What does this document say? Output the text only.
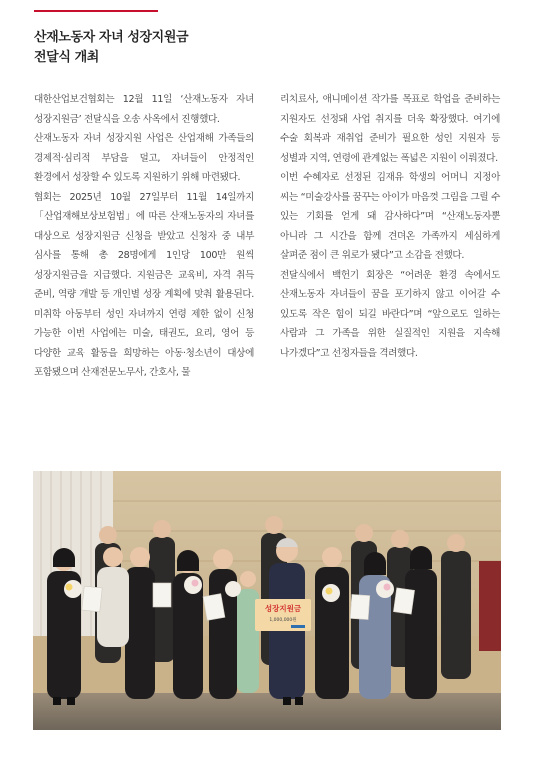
산재노동자 자녀 성장지원금
전달식 개최

대한산업보건협회는 12월 11일 ‘산재노동자 자녀 성장지원금’ 전달식을 오송 사옥에서 진행했다.

산재노동자 자녀 성장지원 사업은 산업재해 가족들의 경제적·심리적 부담을 덜고, 자녀들이 안정적인 환경에서 성장할 수 있도록 지원하기 위해 마련됐다.

협회는 2025년 10월 27일부터 11월 14일까지 「산업재해보상보험법」에 따른 산재노동자의 자녀를 대상으로 성장지원금 신청을 받았고 신청자 중 내부 심사를 통해 총 28명에게 1인당 100만 원씩 성장지원금을 지급했다. 지원금은 교육비, 자격 취득 준비, 역량 개발 등 개인별 성장 계획에 맞춰 활용된다. 미취학 아동부터 성인 자녀까지 연령 제한 없이 신청 가능한 이번 사업에는 미술, 태권도, 요리, 영어 등 다양한 교육 활동을 희망하는 아동·청소년이 대상에 포함됐으며 산재전문노무사, 간호사, 물

리치료사, 애니메이션 작가를 목표로 학업을 준비하는 지원자도 선정돼 사업 취지를 더욱 확장했다. 여기에 수술 회복과 재취업 준비가 필요한 성인 지원자 등 성별과 지역, 연령에 관계없는 폭넓은 지원이 이뤄졌다.

이번 수혜자로 선정된 김재유 학생의 어머니 지정아 씨는 “미술강사를 꿈꾸는 아이가 마음껏 그림을 그릴 수 있는 기회를 얻게 돼 감사하다”며 “산재노동자뿐 아니라 그 시간을 함께 견뎌온 가족까지 세심하게 살펴준 점이 큰 위로가 됐다”고 소감을 전했다.

전달식에서 백헌기 회장은 “어려운 환경 속에서도 산재노동자 자녀들이 꿈을 포기하지 않고 이어갈 수 있도록 작은 힘이 되길 바란다”며 “앞으로도 일하는 사람과 그 가족을 위한 실질적인 지원을 지속해 나가겠다”고 선정자들을 격려했다.

성장지원금
1,000,000원
